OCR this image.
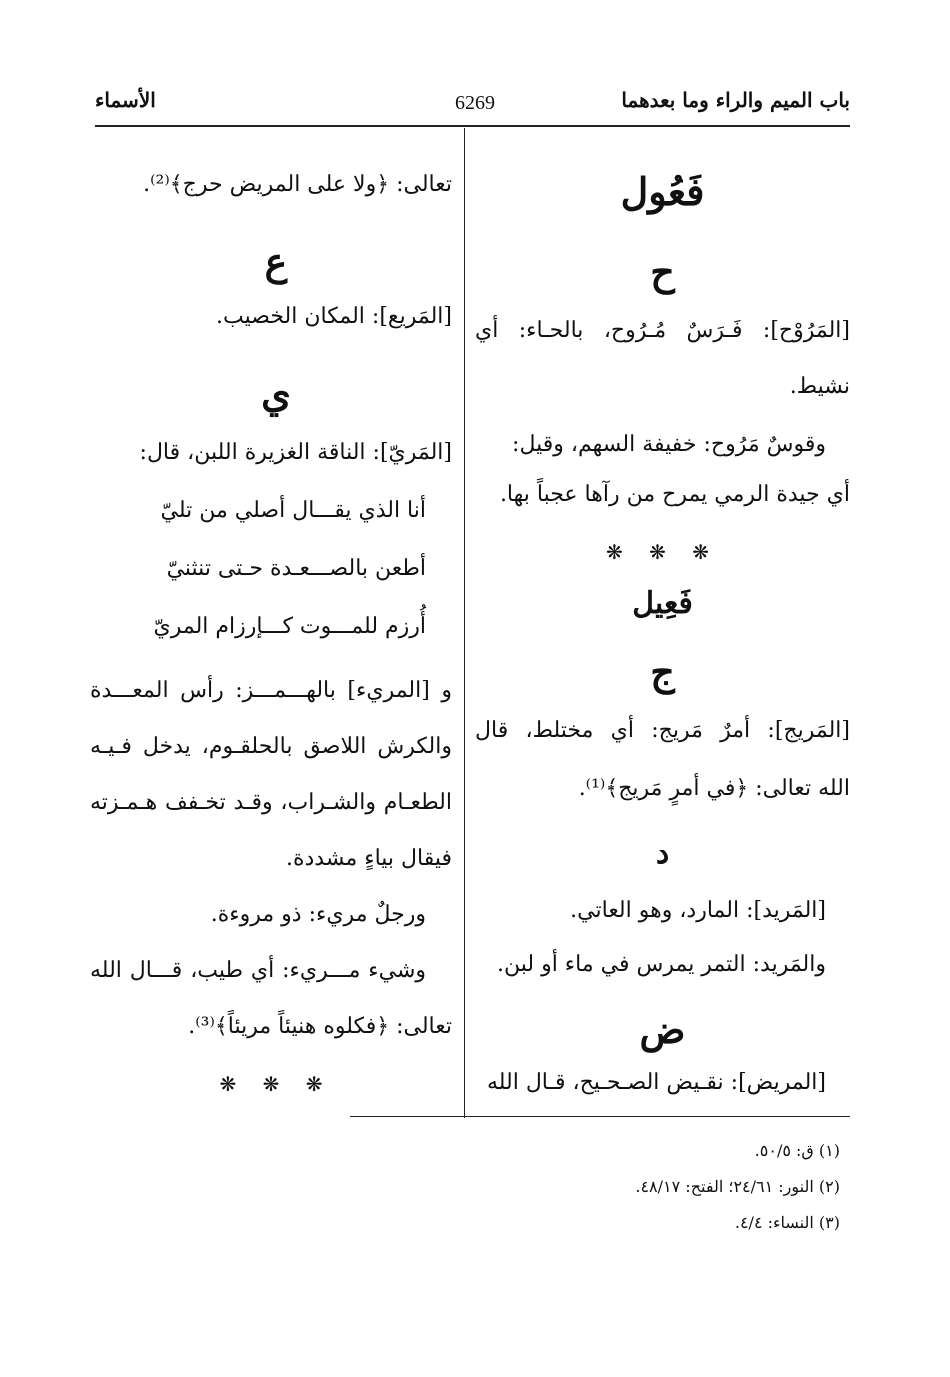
باب الميم والراء وما بعدهما
6269
الأسماء
فَعُول
ح
[المَرُوْح]: فَـرَسٌ مُـرُوح، بالحـاء: أي
نشيط.
وقوسٌ مَرُوح: خفيفة السهم، وقيل:
أي جيدة الرمي يمرح من رآها عجباً بها.
❋ ❋ ❋
فَعِيل
ج
[المَريج]: أمرٌ مَريج: أي مختلط، قال
الله تعالى: ﴿في أمرٍ مَريج﴾⁽¹⁾.
د
[المَريد]: المارد، وهو العاتي.
والمَريد: التمر يمرس في ماء أو لبن.
ض
[المريض]: نقـيض الصـحـيح، قـال الله
تعالى: ﴿ولا على المريض حرج﴾⁽²⁾.
ع
[المَريع]: المكان الخصيب.
ي
[المَريّ]: الناقة الغزيرة اللبن، قال:
أنا الذي يقـــال أصلي من تليّ
أطعن بالصـــعـدة حـتى تنثنيّ
أُرزم للمـــوت كـــإرزام المريّ
و [المريء] بالهـــمـــز: رأس المعـــدة
والكرش اللاصق بالحلقـوم، يدخل فـيـه
الطعـام والشـراب، وقـد تخـفف هـمـزته
فيقال بياءٍ مشددة.
ورجلٌ مريء: ذو مروءة.
وشيء مـــريء: أي طيب، قـــال الله
تعالى: ﴿فكلوه هنيئاً مريئاً﴾⁽³⁾.
❋ ❋ ❋
(١) ق: ٥٠/٥.
(٢) النور: ٢٤/٦١؛ الفتح: ٤٨/١٧.
(٣) النساء: ٤/٤.
